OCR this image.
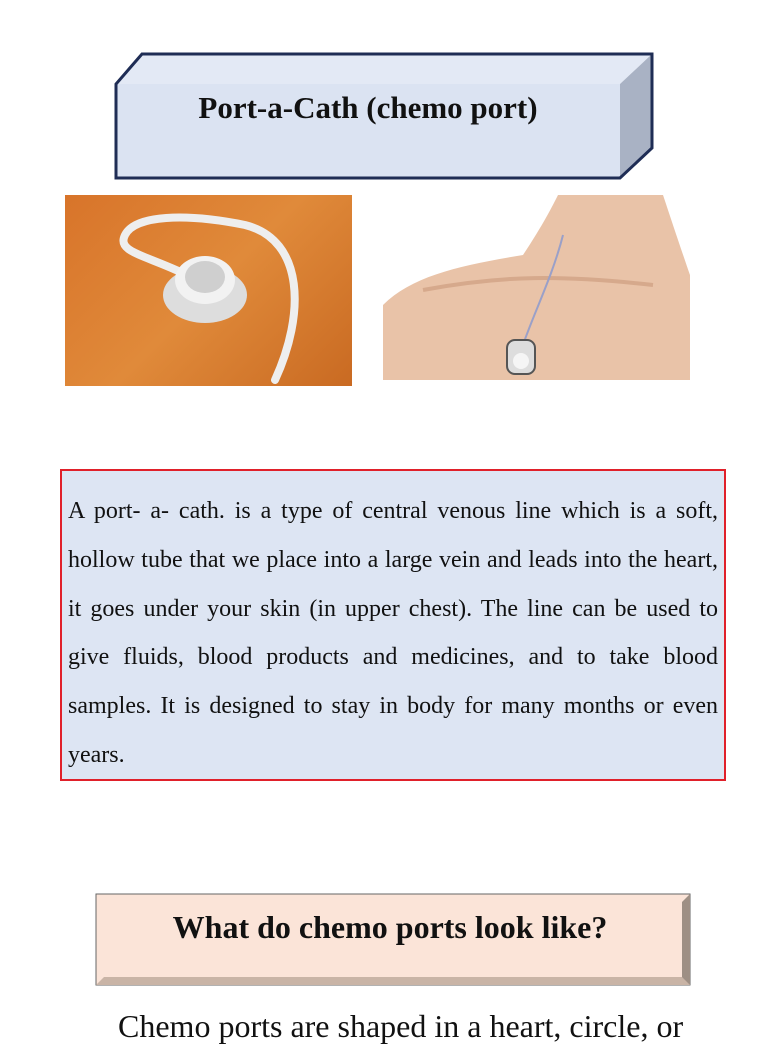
Port-a-Cath (chemo port)

A port- a- cath. is a type of central venous line which is a soft, hollow tube that we place into a large vein and leads into the heart, it goes under your skin (in upper chest). The line can be used to give fluids, blood products and medicines, and to take blood samples. It is designed to stay in body for many months or even years.

What do chemo ports look like?
Chemo ports are shaped in a heart, circle, or
